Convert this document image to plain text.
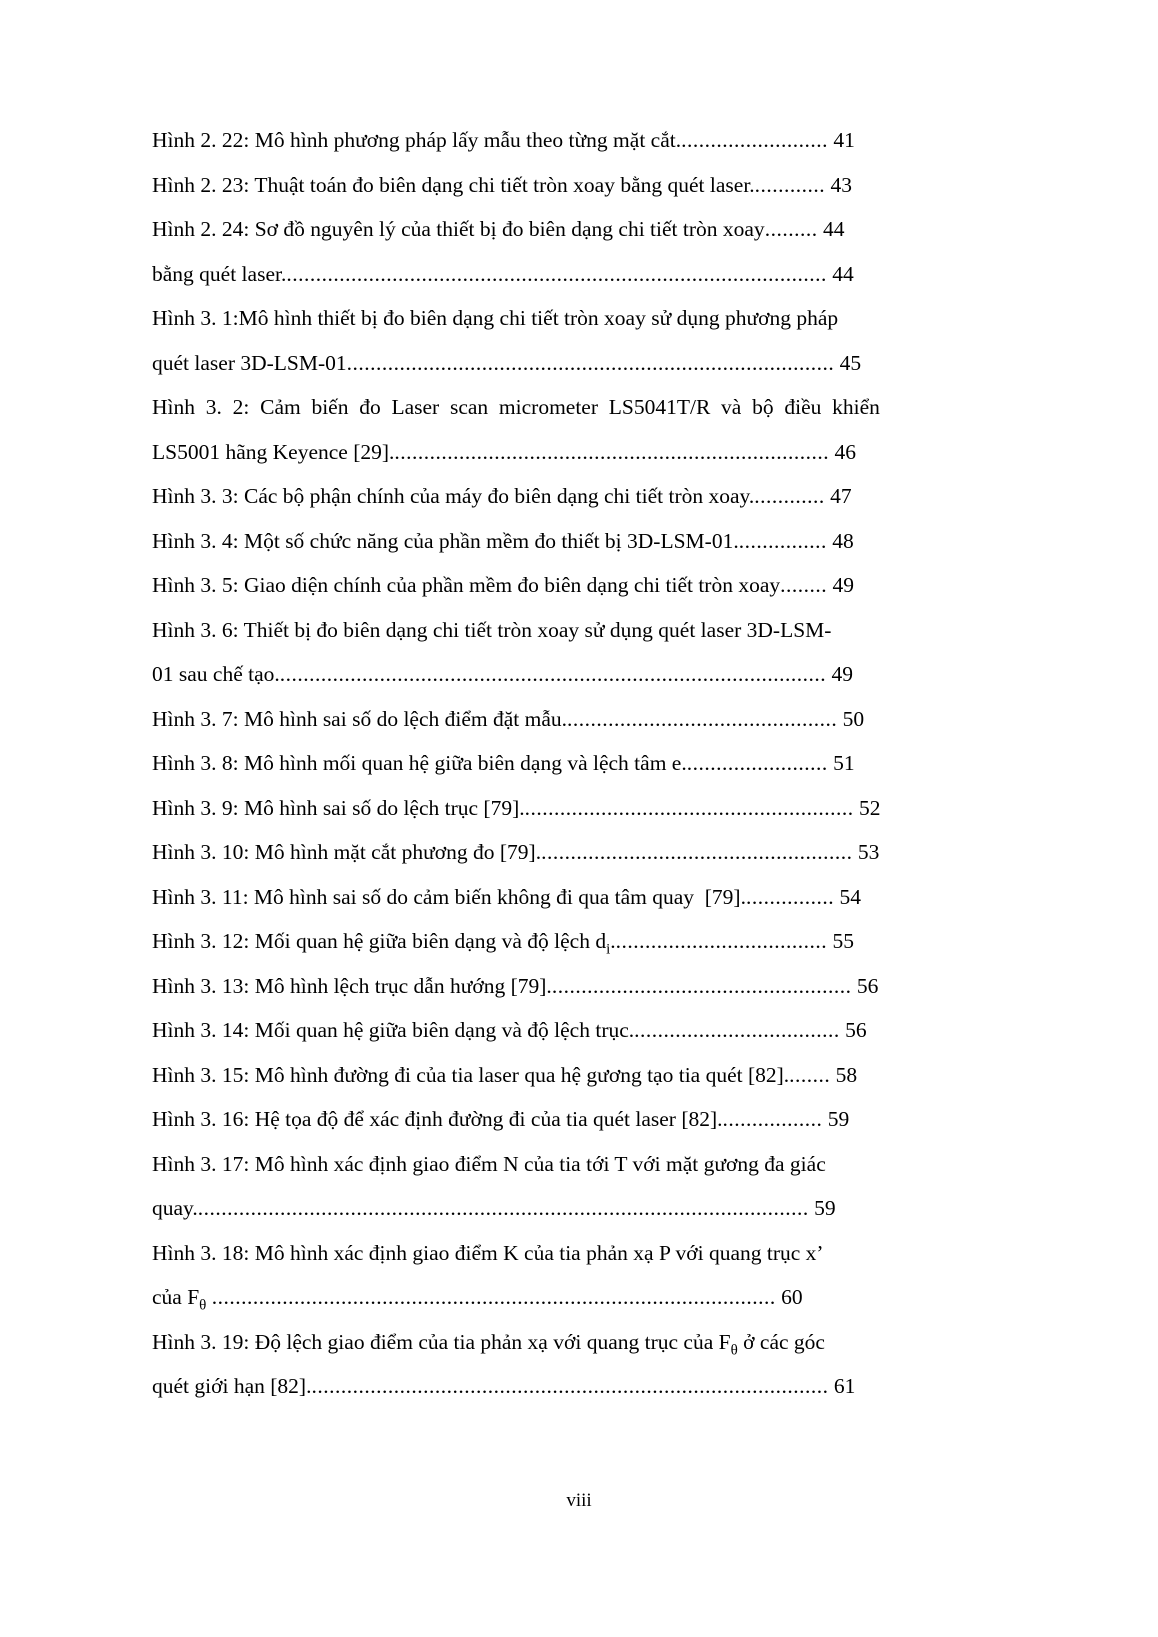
Hình 2. 22: Mô hình phương pháp lấy mẫu theo từng mặt cắt.......................... 41

Hình 2. 23: Thuật toán đo biên dạng chi tiết tròn xoay bằng quét laser............. 43

Hình 2. 24: Sơ đồ nguyên lý của thiết bị đo biên dạng chi tiết tròn xoay......... 44

bằng quét laser............................................................................................. 44

Hình 3. 1:Mô hình thiết bị đo biên dạng chi tiết tròn xoay sử dụng phương pháp

quét laser 3D-LSM-01................................................................................... 45

Hình  3.  2:  Cảm  biến  đo  Laser  scan  micrometer  LS5041T/R  và  bộ  điều  khiển

LS5001 hãng Keyence [29]........................................................................... 46

Hình 3. 3: Các bộ phận chính của máy đo biên dạng chi tiết tròn xoay............. 47

Hình 3. 4: Một số chức năng của phần mềm đo thiết bị 3D-LSM-01................ 48

Hình 3. 5: Giao diện chính của phần mềm đo biên dạng chi tiết tròn xoay........ 49

Hình 3. 6: Thiết bị đo biên dạng chi tiết tròn xoay sử dụng quét laser 3D-LSM-

01 sau chế tạo.............................................................................................. 49

Hình 3. 7: Mô hình sai số do lệch điểm đặt mẫu............................................... 50

Hình 3. 8: Mô hình mối quan hệ giữa biên dạng và lệch tâm e......................... 51

Hình 3. 9: Mô hình sai số do lệch trục [79]......................................................... 52

Hình 3. 10: Mô hình mặt cắt phương đo [79]...................................................... 53

Hình 3. 11: Mô hình sai số do cảm biến không đi qua tâm quay  [79]................ 54

Hình 3. 12: Mối quan hệ giữa biên dạng và độ lệch $d_i$..................................... 55

Hình 3. 13: Mô hình lệch trục dẫn hướng [79].................................................... 56

Hình 3. 14: Mối quan hệ giữa biên dạng và độ lệch trục.................................... 56

Hình 3. 15: Mô hình đường đi của tia laser qua hệ gương tạo tia quét [82]........ 58

Hình 3. 16: Hệ tọa độ để xác định đường đi của tia quét laser [82].................. 59

Hình 3. 17: Mô hình xác định giao điểm N của tia tới T với mặt gương đa giác

quay......................................................................................................... 59

Hình 3. 18: Mô hình xác định giao điểm K của tia phản xạ P với quang trục x’

của $F_\theta$ ................................................................................................ 60

Hình 3. 19: Độ lệch giao điểm của tia phản xạ với quang trục của $F_\theta$ ở các góc

quét giới hạn [82]......................................................................................... 61

viii
